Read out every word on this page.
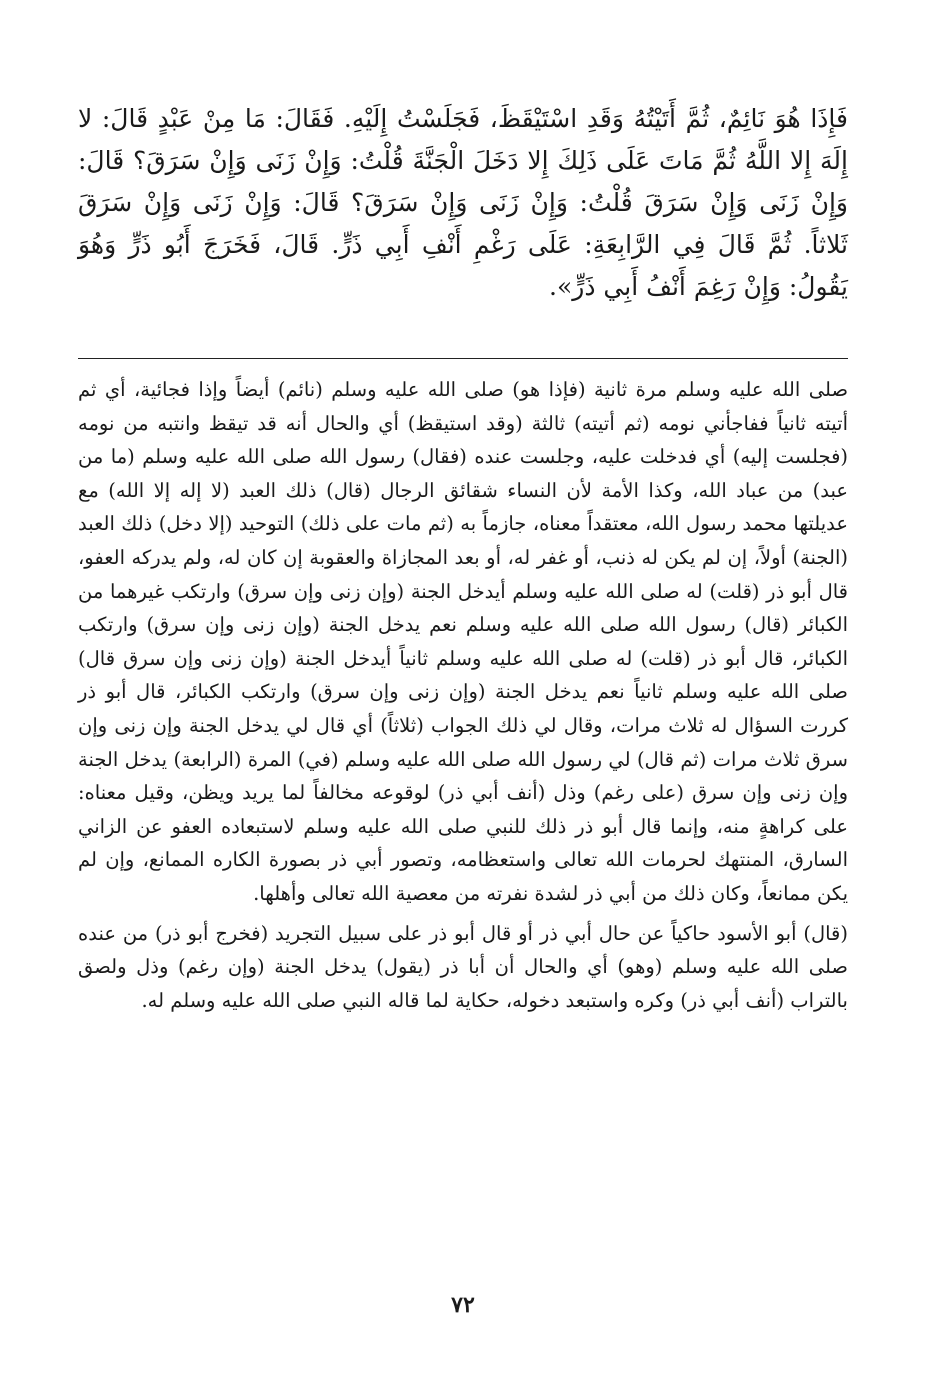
فَإِذَا هُوَ نَائِمٌ، ثُمَّ أَتَيْتُهُ وَقَدِ اسْتَيْقَظَ، فَجَلَسْتُ إِلَيْهِ. فَقَالَ: مَا مِنْ عَبْدٍ قَالَ: لا إِلَهَ إِلا اللَّهُ ثُمَّ مَاتَ عَلَى ذَلِكَ إِلا دَخَلَ الْجَنَّةَ قُلْتُ: وَإِنْ زَنَى وَإِنْ سَرَقَ؟ قَالَ: وَإِنْ زَنَى وَإِنْ سَرَقَ قُلْتُ: وَإِنْ زَنَى وَإِنْ سَرَقَ؟ قَالَ: وَإِنْ زَنَى وَإِنْ سَرَقَ ثَلاثاً. ثُمَّ قَالَ فِي الرَّابِعَةِ: عَلَى رَغْمِ أَنْفِ أَبِي ذَرٍّ. قَالَ، فَخَرَجَ أَبُو ذَرٍّ وَهُوَ يَقُولُ: وَإِنْ رَغِمَ أَنْفُ أَبِي ذَرٍّ».

صلى الله عليه وسلم مرة ثانية (فإذا هو) صلى الله عليه وسلم (نائم) أيضاً وإذا فجائية، أي ثم أتيته ثانياً ففاجأني نومه (ثم أتيته) ثالثة (وقد استيقظ) أي والحال أنه قد تيقظ وانتبه من نومه (فجلست إليه) أي فدخلت عليه، وجلست عنده (فقال) رسول الله صلى الله عليه وسلم (ما من عبد) من عباد الله، وكذا الأمة لأن النساء شقائق الرجال (قال) ذلك العبد (لا إله إلا الله) مع عديلتها محمد رسول الله، معتقداً معناه، جازماً به (ثم مات على ذلك) التوحيد (إلا دخل) ذلك العبد (الجنة) أولاً، إن لم يكن له ذنب، أو غفر له، أو بعد المجازاة والعقوبة إن كان له، ولم يدركه العفو، قال أبو ذر (قلت) له صلى الله عليه وسلم أيدخل الجنة (وإن زنى وإن سرق) وارتكب غيرهما من الكبائر (قال) رسول الله صلى الله عليه وسلم نعم يدخل الجنة (وإن زنى وإن سرق) وارتكب الكبائر، قال أبو ذر (قلت) له صلى الله عليه وسلم ثانياً أيدخل الجنة (وإن زنى وإن سرق قال) صلى الله عليه وسلم ثانياً نعم يدخل الجنة (وإن زنى وإن سرق) وارتكب الكبائر، قال أبو ذر كررت السؤال له ثلاث مرات، وقال لي ذلك الجواب (ثلاثاً) أي قال لي يدخل الجنة وإن زنى وإن سرق ثلاث مرات (ثم قال) لي رسول الله صلى الله عليه وسلم (في) المرة (الرابعة) يدخل الجنة وإن زنى وإن سرق (على رغم) وذل (أنف أبي ذر) لوقوعه مخالفاً لما يريد ويظن، وقيل معناه: على كراهةٍ منه، وإنما قال أبو ذر ذلك للنبي صلى الله عليه وسلم لاستبعاده العفو عن الزاني السارق، المنتهك لحرمات الله تعالى واستعظامه، وتصور أبي ذر بصورة الكاره الممانع، وإن لم يكن ممانعاً، وكان ذلك من أبي ذر لشدة نفرته من معصية الله تعالى وأهلها.

(قال) أبو الأسود حاكياً عن حال أبي ذر أو قال أبو ذر على سبيل التجريد (فخرج أبو ذر) من عنده صلى الله عليه وسلم (وهو) أي والحال أن أبا ذر (يقول) يدخل الجنة (وإن رغم) وذل ولصق بالتراب (أنف أبي ذر) وكره واستبعد دخوله، حكاية لما قاله النبي صلى الله عليه وسلم له.

٧٢
